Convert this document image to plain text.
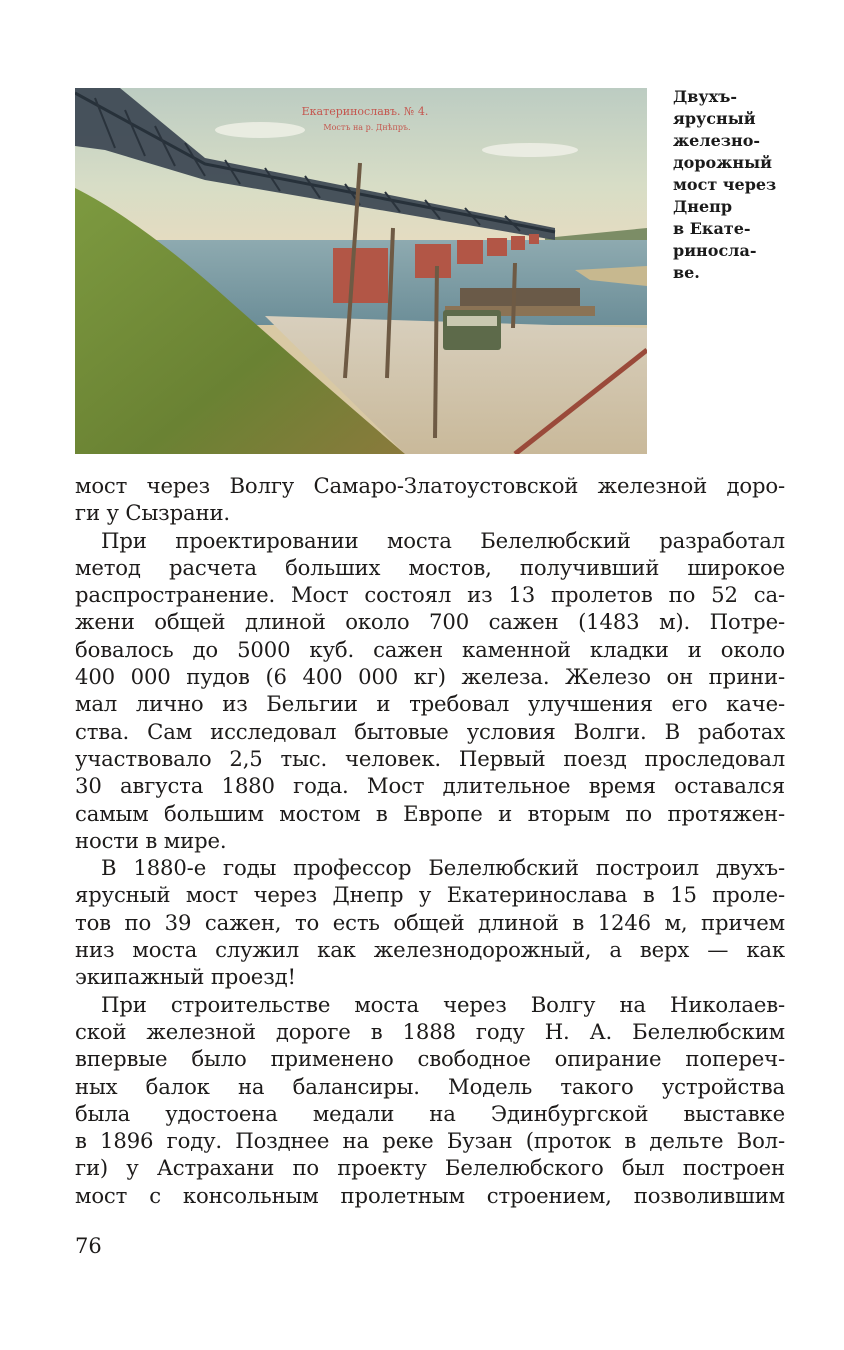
Екатеринославъ. № 4.
Мостъ на р. Днѣпръ.
Двухъ-
ярусный
железно-
дорожный
мост через
Днепр
в Екате-
риносла-
ве.
мост через Волгу Самаро-Златоустовской железной доро-
ги у Сызрани.
При проектировании моста Белелюбский разработал
метод расчета больших мостов, получивший широкое
распространение. Мост состоял из 13 пролетов по 52 са-
жени общей длиной около 700 сажен (1483 м). Потре-
бовалось до 5000 куб. сажен каменной кладки и около
400 000 пудов (6 400 000 кг) железа. Железо он прини-
мал лично из Бельгии и требовал улучшения его каче-
ства. Сам исследовал бытовые условия Волги. В работах
участвовало 2,5 тыс. человек. Первый поезд проследовал
30 августа 1880 года. Мост длительное время оставался
самым большим мостом в Европе и вторым по протяжен-
ности в мире.
В 1880-е годы профессор Белелюбский построил двухъ-
ярусный мост через Днепр у Екатеринослава в 15 проле-
тов по 39 сажен, то есть общей длиной в 1246 м, причем
низ моста служил как железнодорожный, а верх — как
экипажный проезд!
При строительстве моста через Волгу на Николаев-
ской железной дороге в 1888 году Н. А. Белелюбским
впервые было применено свободное опирание попереч-
ных балок на балансиры. Модель такого устройства
была удостоена медали на Эдинбургской выставке
в 1896 году. Позднее на реке Бузан (проток в дельте Вол-
ги) у Астрахани по проекту Белелюбского был построен
мост с консольным пролетным строением, позволившим
76
